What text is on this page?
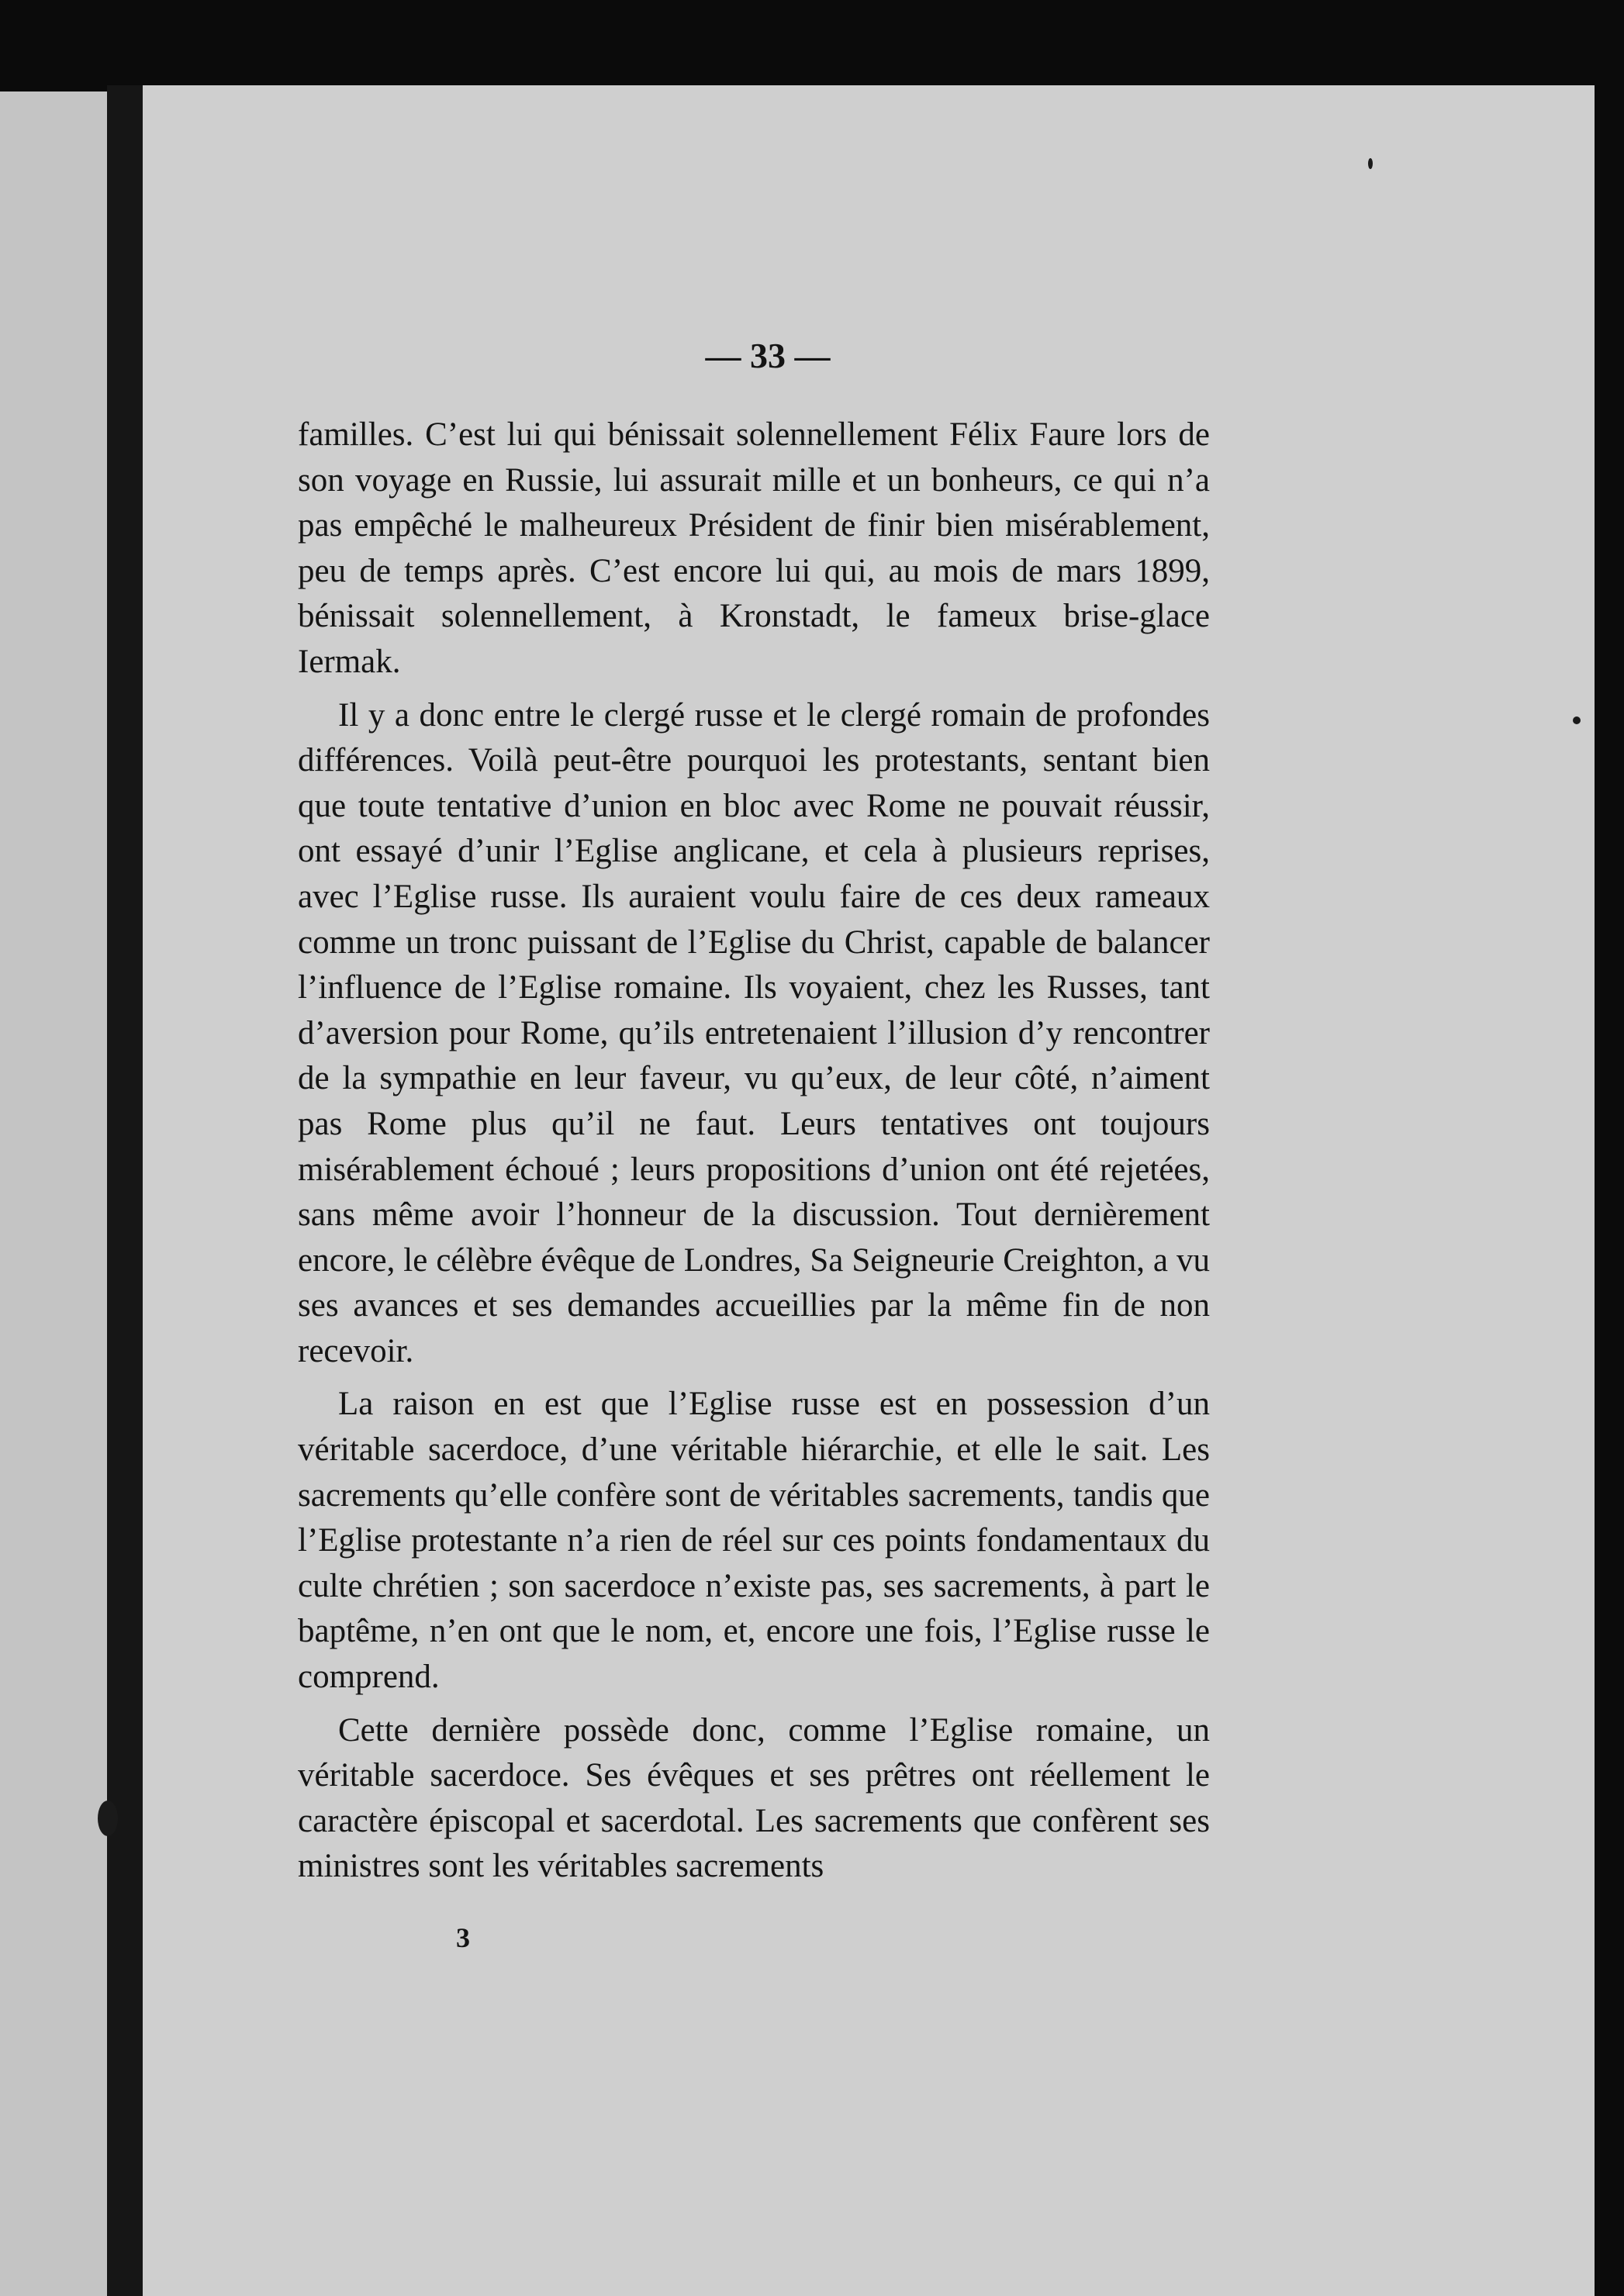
— 33 —

familles. C’est lui qui bénissait solennellement Félix Faure lors de son voyage en Russie, lui assurait mille et un bonheurs, ce qui n’a pas empêché le malheureux Président de finir bien misérablement, peu de temps après. C’est encore lui qui, au mois de mars 1899, bénissait solennellement, à Kronstadt, le fameux brise-glace Iermak.

Il y a donc entre le clergé russe et le clergé romain de profondes différences. Voilà peut-être pourquoi les protestants, sentant bien que toute tentative d’union en bloc avec Rome ne pouvait réussir, ont essayé d’unir l’Eglise anglicane, et cela à plusieurs reprises, avec l’Eglise russe. Ils auraient voulu faire de ces deux rameaux comme un tronc puissant de l’Eglise du Christ, capable de balancer l’influence de l’Eglise romaine. Ils voyaient, chez les Russes, tant d’aversion pour Rome, qu’ils entretenaient l’illusion d’y rencontrer de la sympathie en leur faveur, vu qu’eux, de leur côté, n’aiment pas Rome plus qu’il ne faut. Leurs tentatives ont toujours misérablement échoué ; leurs propositions d’union ont été rejetées, sans même avoir l’honneur de la discussion. Tout dernièrement encore, le célèbre évêque de Londres, Sa Seigneurie Creighton, a vu ses avances et ses demandes accueillies par la même fin de non recevoir.

La raison en est que l’Eglise russe est en possession d’un véritable sacerdoce, d’une véritable hiérarchie, et elle le sait. Les sacrements qu’elle confère sont de véritables sacrements, tandis que l’Eglise protestante n’a rien de réel sur ces points fondamentaux du culte chrétien ; son sacerdoce n’existe pas, ses sacrements, à part le baptême, n’en ont que le nom, et, encore une fois, l’Eglise russe le comprend.

Cette dernière possède donc, comme l’Eglise romaine, un véritable sacerdoce. Ses évêques et ses prêtres ont réellement le caractère épiscopal et sacerdotal. Les sacrements que confèrent ses ministres sont les véritables sacrements

3
